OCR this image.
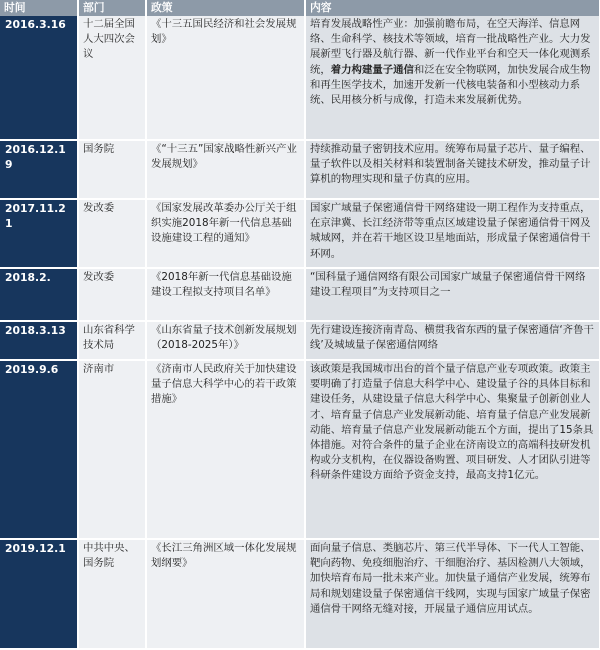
时间	部门	政策	内容
2016.3.16	十二届全国人大四次会议	《十三五国民经济和社会发展规划》	培育发展战略性产业：加强前瞻布局，在空天海洋、信息网络、生命科学、核技术等领域，培育一批战略性产业。大力发展新型飞行器及航行器、新一代作业平台和空天一体化观测系统，着力构建量子通信和泛在安全物联网，加快发展合成生物和再生医学技术，加速开发新一代核电装备和小型核动力系统、民用核分析与成像，打造未来发展新优势。
2016.12.19	国务院	《“十三五”国家战略性新兴产业发展规划》	持续推动量子密钥技术应用。统筹布局量子芯片、量子编程、量子软件以及相关材料和装置制备关键技术研发，推动量子计算机的物理实现和量子仿真的应用。
2017.11.21	发改委	《国家发展改革委办公厅关于组织实施2018年新一代信息基础设施建设工程的通知》	国家广域量子保密通信骨干网络建设一期工程作为支持重点，在京津冀、长江经济带等重点区域建设量子保密通信骨干网及城域网，并在若干地区设卫星地面站，形成量子保密通信骨干环网。
2018.2.	发改委	《2018年新一代信息基础设施建设工程拟支持项目名单》	“国科量子通信网络有限公司国家广域量子保密通信骨干网络建设工程项目”为支持项目之一
2018.3.13	山东省科学技术局	《山东省量子技术创新发展规划（2018-2025年）》	先行建设连接济南青岛、横贯我省东西的量子保密通信‘齐鲁干线’及城域量子保密通信网络
2019.9.6	济南市	《济南市人民政府关于加快建设量子信息大科学中心的若干政策措施》	该政策是我国城市出台的首个量子信息产业专项政策。政策主要明确了打造量子信息大科学中心、建设量子谷的具体目标和建设任务，从建设量子信息大科学中心、集聚量子创新创业人才、培育量子信息产业发展新动能、培育量子信息产业发展新动能、培育量子信息产业发展新动能五个方面，提出了15条具体措施。对符合条件的量子企业在济南设立的高端科技研发机构或分支机构，在仪器设备购置、项目研发、人才团队引进等科研条件建设方面给予资金支持，最高支持1亿元。
2019.12.1	中共中央、国务院	《长江三角洲区域一体化发展规划纲要》	面向量子信息、类脑芯片、第三代半导体、下一代人工智能、靶向药物、免疫细胞治疗、干细胞治疗、基因检测八大领域，加快培育布局一批未来产业。加快量子通信产业发展，统筹布局和规划建设量子保密通信干线网，实现与国家广域量子保密通信骨干网络无缝对接，开展量子通信应用试点。
